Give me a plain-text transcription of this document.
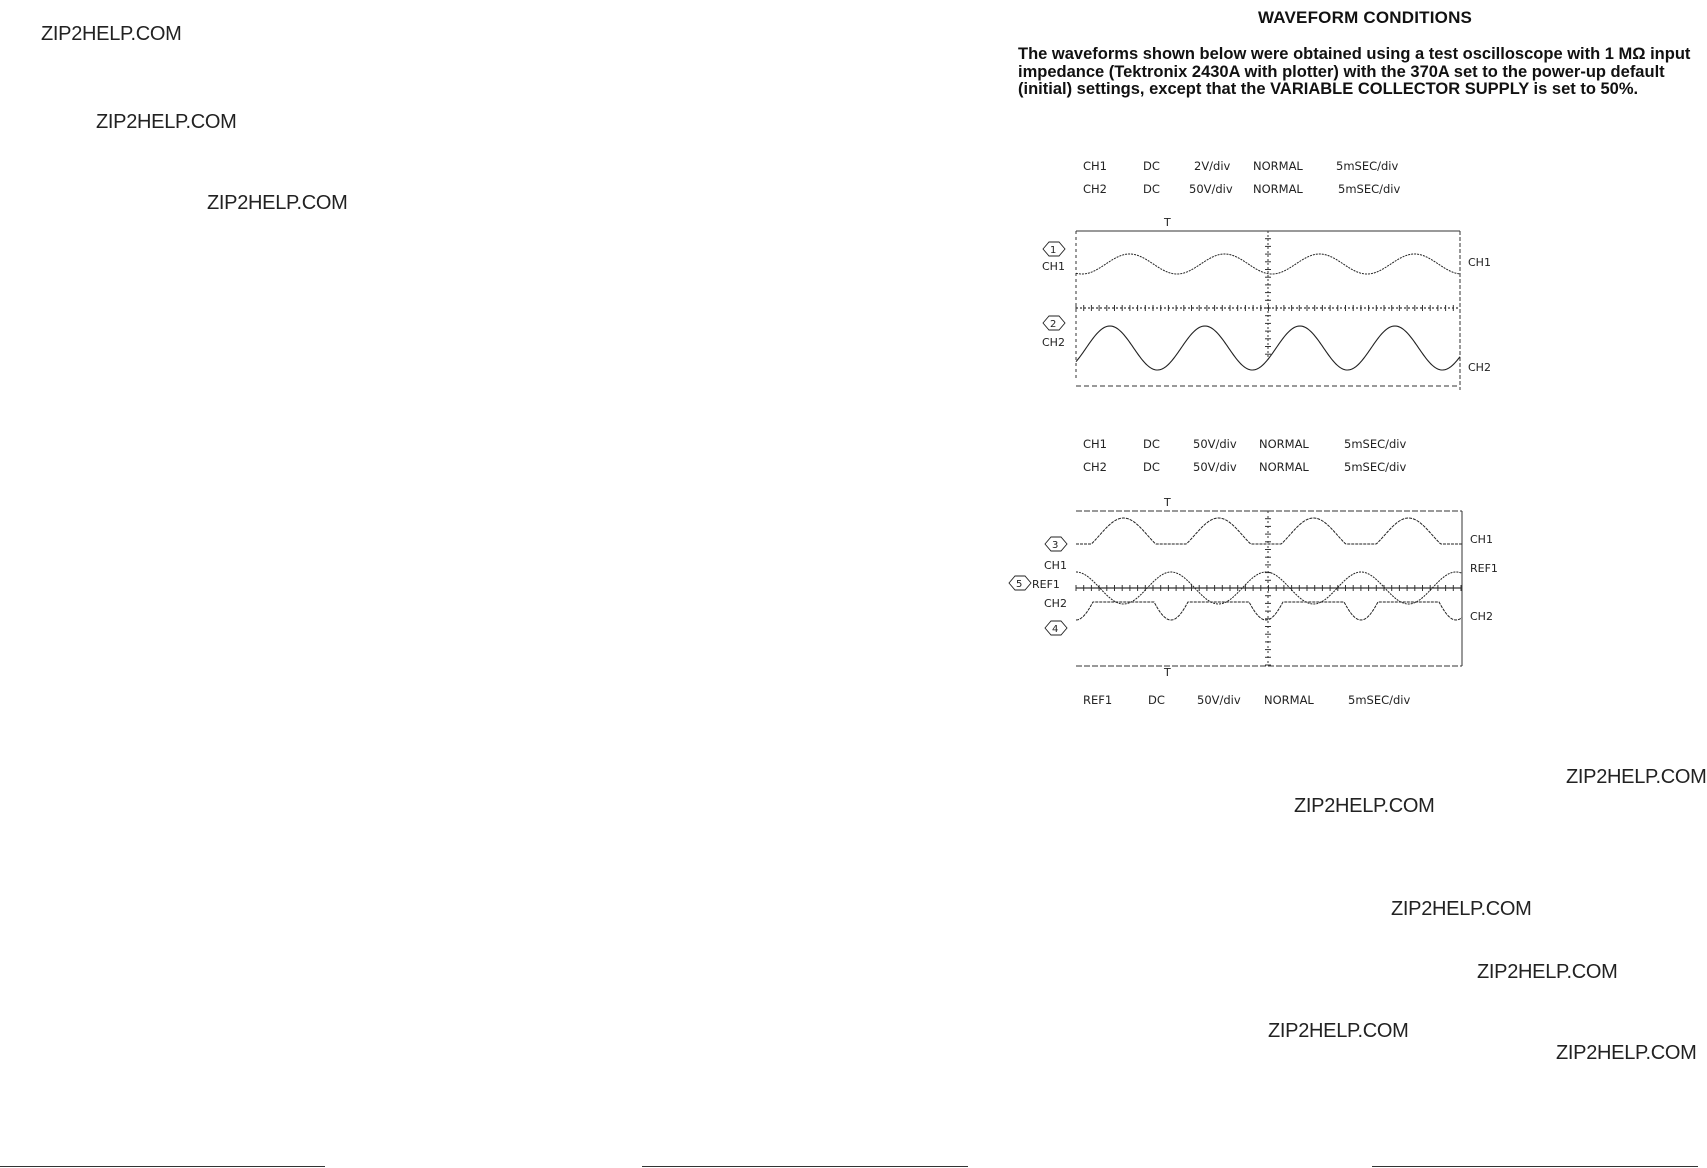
ZIP2HELP.COM
ZIP2HELP.COM
ZIP2HELP.COM
ZIP2HELP.COM
ZIP2HELP.COM
ZIP2HELP.COM
ZIP2HELP.COM
ZIP2HELP.COM
ZIP2HELP.COM
WAVEFORM CONDITIONS

The waveforms shown below were obtained using a test oscilloscope with 1 MΩ input

impedance (Tektronix 2430A with plotter) with the 370A set to the power-up default

(initial) settings, except that the VARIABLE COLLECTOR SUPPLY is set to 50%.

CH1	DC	2V/div NORMAL	5mSEC/div
CH2	DC	50V/div NORMAL	5mSEC/div
CH1	DC	50V/div NORMAL	5mSEC/div
CH2	DC	50V/div NORMAL	5mSEC/div
REF1	DC	50V/div NORMAL	5mSEC/div
T
1
CH1
2
CH2
CH1
CH2
T
T
3
CH1
5 REF1
CH2
4
CH1
REF1
CH2
